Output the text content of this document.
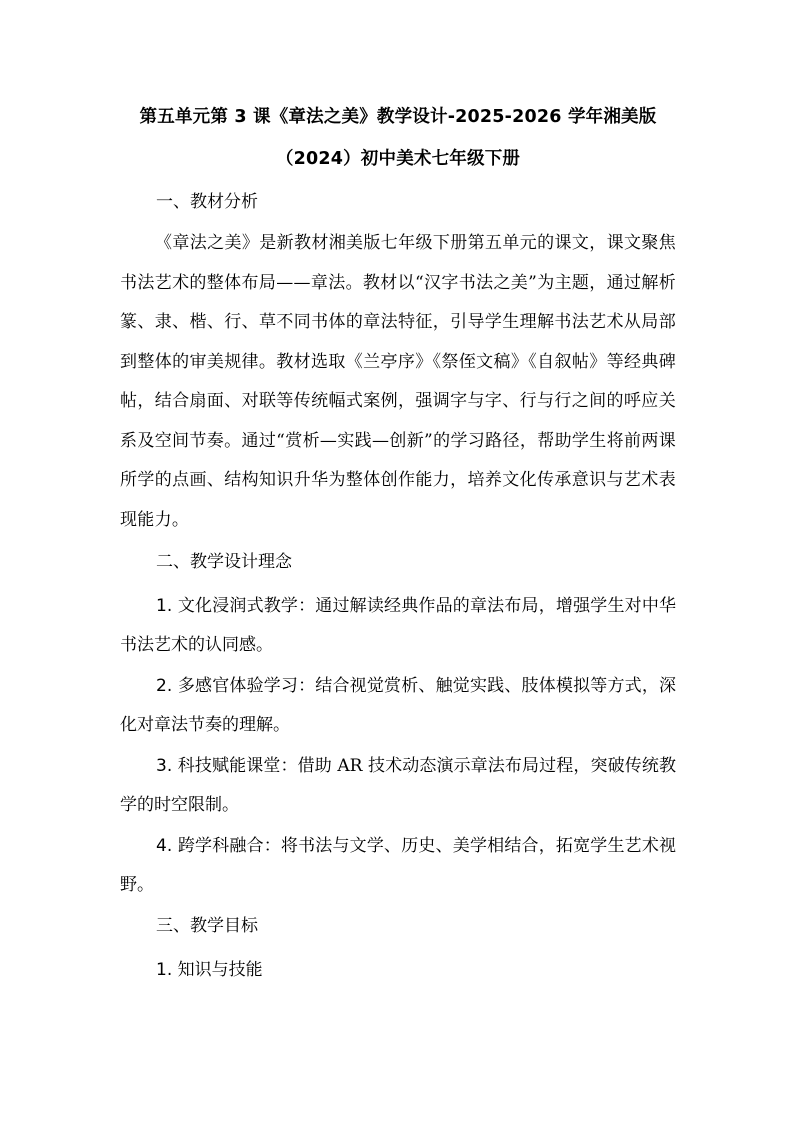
第五单元第 3 课《章法之美》教学设计-2025-2026 学年湘美版

（2024）初中美术七年级下册

一、教材分析

《章法之美》是新教材湘美版七年级下册第五单元的课文，课文聚焦书法艺术的整体布局——章法。教材以“汉字书法之美”为主题，通过解析篆、隶、楷、行、草不同书体的章法特征，引导学生理解书法艺术从局部到整体的审美规律。教材选取《兰亭序》《祭侄文稿》《自叙帖》等经典碑帖，结合扇面、对联等传统幅式案例，强调字与字、行与行之间的呼应关系及空间节奏。通过“赏析—实践—创新”的学习路径，帮助学生将前两课所学的点画、结构知识升华为整体创作能力，培养文化传承意识与艺术表现能力。

二、教学设计理念

1. 文化浸润式教学：通过解读经典作品的章法布局，增强学生对中华书法艺术的认同感。

2. 多感官体验学习：结合视觉赏析、触觉实践、肢体模拟等方式，深化对章法节奏的理解。

3. 科技赋能课堂：借助 AR 技术动态演示章法布局过程，突破传统教学的时空限制。

4. 跨学科融合：将书法与文学、历史、美学相结合，拓宽学生艺术视野。

三、教学目标

1. 知识与技能
